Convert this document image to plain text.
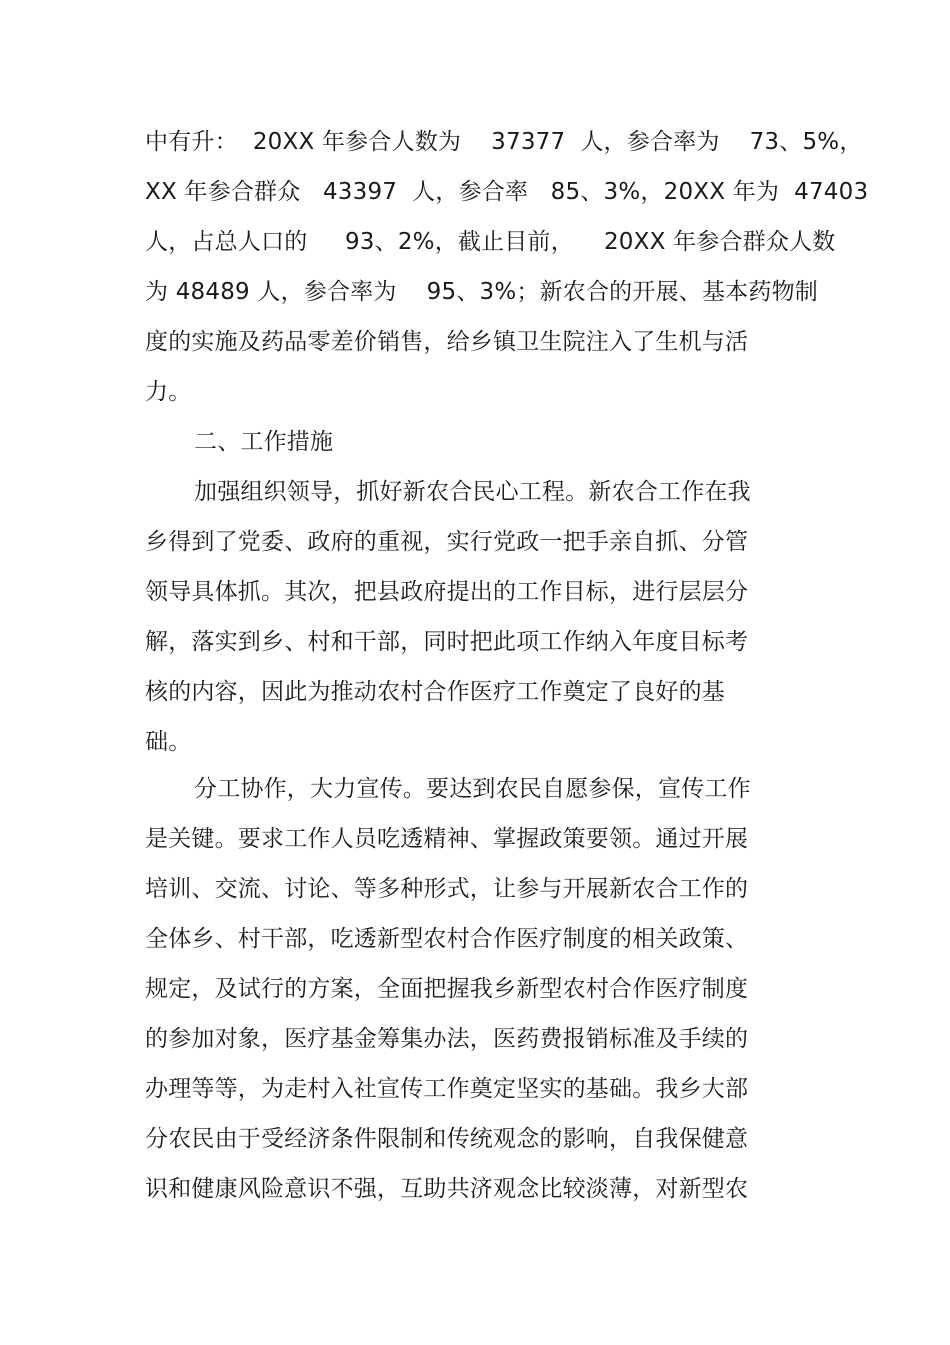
中有升：  20XX 年参合人数为    37377  人，参合率为    73、5%，
XX 年参合群众   43397  人，参合率   85、3%，20XX 年为  47403
人，占总人口的     93、2%，截止目前，    20XX 年参合群众人数
为 48489 人，参合率为    95、3%；新农合的开展、基本药物制
度的实施及药品零差价销售，给乡镇卫生院注入了生机与活
力。
二、工作措施
加强组织领导，抓好新农合民心工程。新农合工作在我
乡得到了党委、政府的重视，实行党政一把手亲自抓、分管
领导具体抓。其次，把县政府提出的工作目标，进行层层分
解，落实到乡、村和干部，同时把此项工作纳入年度目标考
核的内容，因此为推动农村合作医疗工作奠定了良好的基
础。
分工协作，大力宣传。要达到农民自愿参保，宣传工作
是关键。要求工作人员吃透精神、掌握政策要领。通过开展
培训、交流、讨论、等多种形式，让参与开展新农合工作的
全体乡、村干部，吃透新型农村合作医疗制度的相关政策、
规定，及试行的方案，全面把握我乡新型农村合作医疗制度
的参加对象，医疗基金筹集办法，医药费报销标准及手续的
办理等等，为走村入社宣传工作奠定坚实的基础。我乡大部
分农民由于受经济条件限制和传统观念的影响，自我保健意
识和健康风险意识不强，互助共济观念比较淡薄，对新型农
